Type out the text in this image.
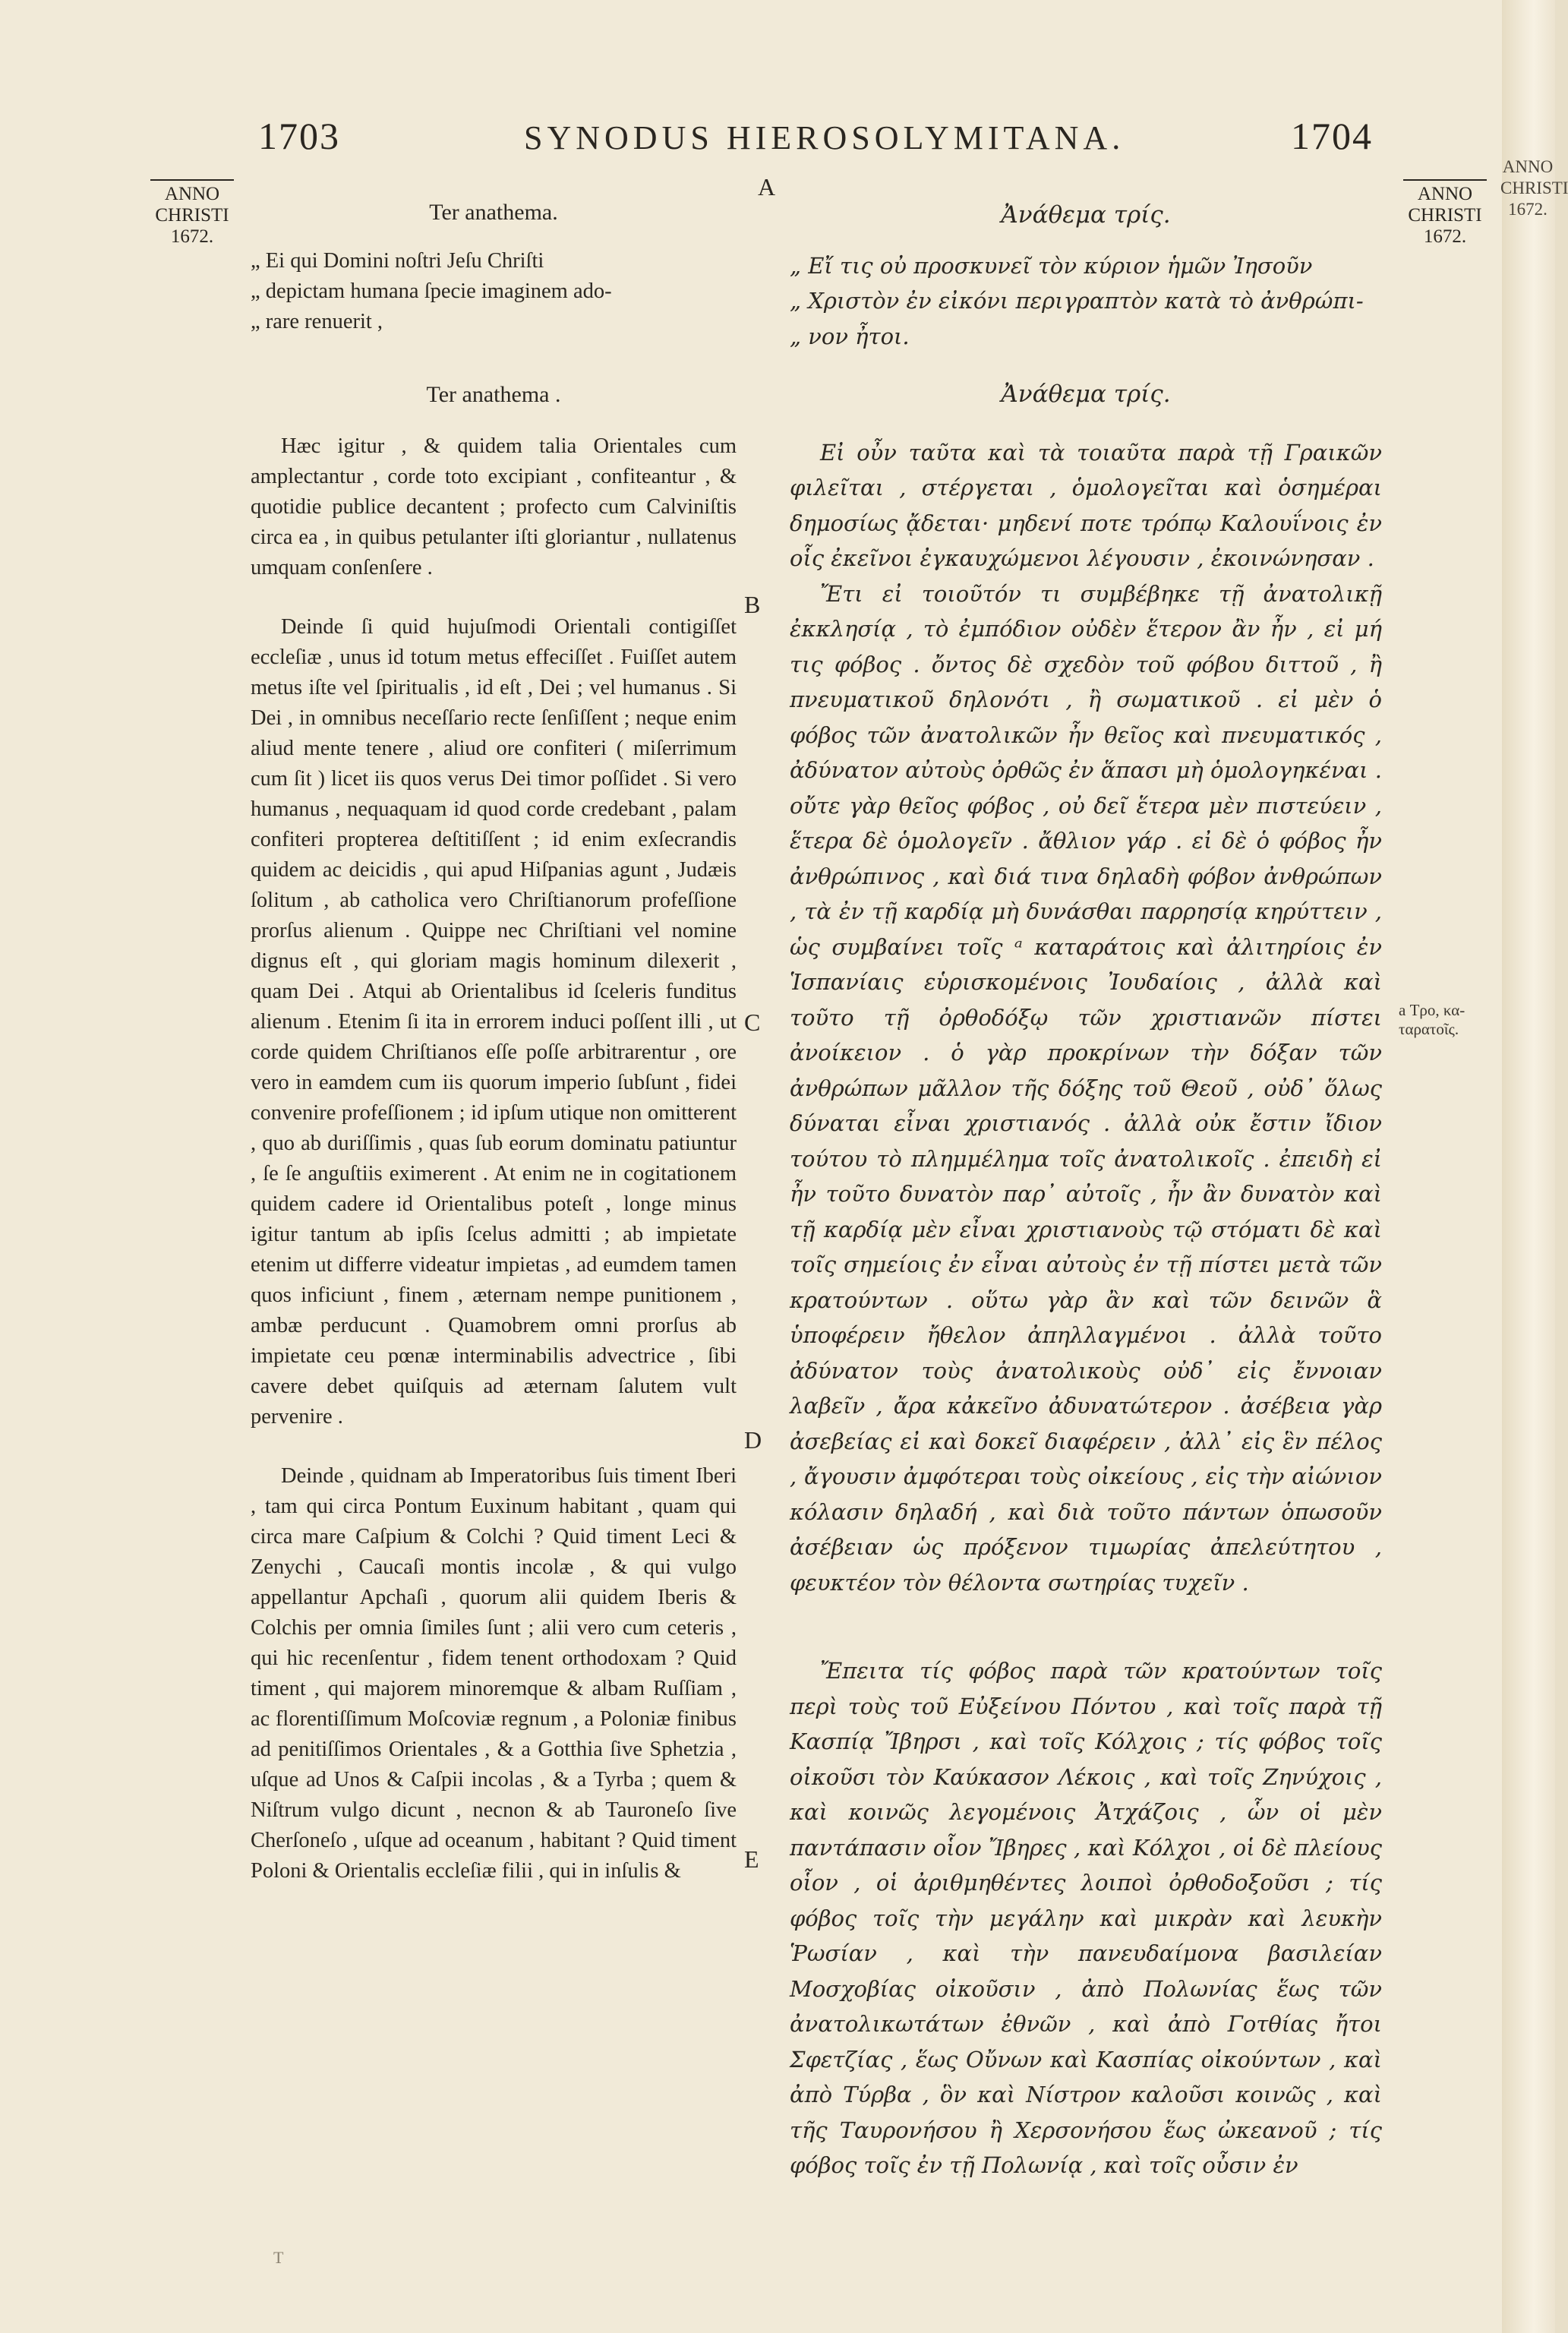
1703	SYNODUS HIEROSOLYMITANA.	1704
ANNO
CHRISTI
1672.
ANNO
CHRISTI
1672.
ANNO
CHRISTI
1672.
A
B
C
D
E
a Τρο, κα-ταρατοῖς.

Ter anathema.

„ Ei qui Domini noſtri Jeſu Chriſti

„ depictam humana ſpecie imaginem ado-

„ rare renuerit ,

Ter anathema .

Hæc igitur , & quidem talia Orientales cum amplectantur , corde toto excipiant , confiteantur , & quotidie publice decantent ; profecto cum Calviniſtis circa ea , in quibus petulanter iſti gloriantur , nullatenus umquam conſenſere .

Deinde ſi quid hujuſmodi Orientali contigiſſet eccleſiæ , unus id totum metus effeciſſet . Fuiſſet autem metus iſte vel ſpiritualis , id eſt , Dei ; vel humanus . Si Dei , in omnibus neceſſario recte ſenſiſſent ; neque enim aliud mente tenere , aliud ore confiteri ( miſerrimum cum ſit ) licet iis quos verus Dei timor poſſidet . Si vero humanus , nequaquam id quod corde credebant , palam confiteri propterea deſtitiſſent ; id enim exſecrandis quidem ac deicidis , qui apud Hiſpanias agunt , Judæis ſolitum , ab catholica vero Chriſtianorum profeſſione prorſus alienum . Quippe nec Chriſtiani vel nomine dignus eſt , qui gloriam magis hominum dilexerit , quam Dei . Atqui ab Orientalibus id ſceleris funditus alienum . Etenim ſi ita in errorem induci poſſent illi , ut corde quidem Chriſtianos eſſe poſſe arbitrarentur , ore vero in eamdem cum iis quorum imperio ſubſunt , fidei convenire profeſſionem ; id ipſum utique non omitterent , quo ab duriſſimis , quas ſub eorum dominatu patiuntur , ſe ſe anguſtiis eximerent . At enim ne in cogitationem quidem cadere id Orientalibus poteſt , longe minus igitur tantum ab ipſis ſcelus admitti ; ab impietate etenim ut differre videatur impietas , ad eumdem tamen quos inficiunt , finem , æternam nempe punitionem , ambæ perducunt . Quamobrem omni prorſus ab impietate ceu pœnæ interminabilis advectrice , ſibi cavere debet quiſquis ad æternam ſalutem vult pervenire .

Deinde , quidnam ab Imperatoribus ſuis timent Iberi , tam qui circa Pontum Euxinum habitant , quam qui circa mare Caſpium & Colchi ? Quid timent Leci & Zenychi , Caucaſi montis incolæ , & qui vulgo appellantur Apchaſi , quorum alii quidem Iberis & Colchis per omnia ſimiles ſunt ; alii vero cum ceteris , qui hic recenſentur , fidem tenent orthodoxam ? Quid timent , qui majorem minoremque & albam Ruſſiam , ac florentiſſimum Moſcoviæ regnum , a Poloniæ finibus ad penitiſſimos Orientales , & a Gotthia ſive Sphetzia , uſque ad Unos & Caſpii incolas , & a Tyrba ; quem & Niſtrum vulgo dicunt , necnon & ab Tauroneſo ſive Cherſoneſo , uſque ad oceanum , habitant ? Quid timent Poloni & Orientalis eccleſiæ filii , qui in inſulis &

Ἀνάθεμα τρίς.

„ Εἴ τις οὐ προσκυνεῖ τὸν κύριον ἡμῶν Ἰησοῦν

„ Χριστὸν ἐν εἰκόνι περιγραπτὸν κατὰ τὸ ἀνθρώπι-

„ νον ἦτοι.

Ἀνάθεμα τρίς.

Εἰ οὖν ταῦτα καὶ τὰ τοιαῦτα παρὰ τῇ Γραικῶν φιλεῖται , στέργεται , ὁμολογεῖται καὶ ὁσημέραι δημοσίως ᾄδεται· μηδενί ποτε τρόπῳ Καλουΐνοις ἐν οἷς ἐκεῖνοι ἐγκαυχώμενοι λέγουσιν , ἐκοινώνησαν .

Ἔτι εἰ τοιοῦτόν τι συμβέβηκε τῇ ἀνατολικῇ ἐκκλησίᾳ , τὸ ἐμπόδιον οὐδὲν ἕτερον ἂν ἦν , εἰ μή τις φόβος . ὄντος δὲ σχεδὸν τοῦ φόβου διττοῦ , ἢ πνευματικοῦ δηλονότι , ἢ σωματικοῦ . εἰ μὲν ὁ φόβος τῶν ἀνατολικῶν ἦν θεῖος καὶ πνευματικός , ἀδύνατον αὐτοὺς ὀρθῶς ἐν ἅπασι μὴ ὁμολογηκέναι . οὔτε γὰρ θεῖος φόβος , οὐ δεῖ ἕτερα μὲν πιστεύειν , ἕτερα δὲ ὁμολογεῖν . ἄθλιον γάρ . εἰ δὲ ὁ φόβος ἦν ἀνθρώπινος , καὶ διά τινα δηλαδὴ φόβον ἀνθρώπων , τὰ ἐν τῇ καρδίᾳ μὴ δυνάσθαι παρρησίᾳ κηρύττειν , ὡς συμβαίνει τοῖς ᵃ καταράτοις καὶ ἀλιτηρίοις ἐν Ἱσπανίαις εὑρισκομένοις Ἰουδαίοις , ἀλλὰ καὶ τοῦτο τῇ ὀρθοδόξῳ τῶν χριστιανῶν πίστει ἀνοίκειον . ὁ γὰρ προκρίνων τὴν δόξαν τῶν ἀνθρώπων μᾶλλον τῆς δόξης τοῦ Θεοῦ , οὐδ᾽ ὅλως δύναται εἶναι χριστιανός . ἀλλὰ οὐκ ἔστιν ἴδιον τούτου τὸ πλημμέλημα τοῖς ἀνατολικοῖς . ἐπειδὴ εἰ ἦν τοῦτο δυνατὸν παρ᾽ αὐτοῖς , ἦν ἂν δυνατὸν καὶ τῇ καρδίᾳ μὲν εἶναι χριστιανοὺς τῷ στόματι δὲ καὶ τοῖς σημείοις ἐν εἶναι αὐτοὺς ἐν τῇ πίστει μετὰ τῶν κρατούντων . οὕτω γὰρ ἂν καὶ τῶν δεινῶν ἃ ὑποφέρειν ἤθελον ἀπηλλαγμένοι . ἀλλὰ τοῦτο ἀδύνατον τοὺς ἀνατολικοὺς οὐδ᾽ εἰς ἔννοιαν λαβεῖν , ἄρα κἀκεῖνο ἀδυνατώτερον . ἀσέβεια γὰρ ἀσεβείας εἰ καὶ δοκεῖ διαφέρειν , ἀλλ᾽ εἰς ἓν πέλος , ἄγουσιν ἀμφότεραι τοὺς οἰκείους , εἰς τὴν αἰώνιον κόλασιν δηλαδή , καὶ διὰ τοῦτο πάντων ὁπωσοῦν ἀσέβειαν ὡς πρόξενον τιμωρίας ἀπελεύτητου , φευκτέον τὸν θέλοντα σωτηρίας τυχεῖν .

Ἔπειτα τίς φόβος παρὰ τῶν κρατούντων τοῖς περὶ τοὺς τοῦ Εὐξείνου Πόντου , καὶ τοῖς παρὰ τῇ Κασπίᾳ Ἴβηρσι , καὶ τοῖς Κόλχοις ; τίς φόβος τοῖς οἰκοῦσι τὸν Καύκασον Λέκοις , καὶ τοῖς Ζηνύχοις , καὶ κοινῶς λεγομένοις Ἀτχάζοις , ὧν οἱ μὲν παντάπασιν οἷον Ἴβηρες , καὶ Κόλχοι , οἱ δὲ πλείους οἷον , οἱ ἀριθμηθέντες λοιποὶ ὀρθοδοξοῦσι ; τίς φόβος τοῖς τὴν μεγάλην καὶ μικρὰν καὶ λευκὴν Ῥωσίαν , καὶ τὴν πανευδαίμονα βασιλείαν Μοσχοβίας οἰκοῦσιν , ἀπὸ Πολωνίας ἕως τῶν ἀνατολικωτάτων ἐθνῶν , καὶ ἀπὸ Γοτθίας ἤτοι Σφετζίας , ἕως Οὔνων καὶ Κασπίας οἰκούντων , καὶ ἀπὸ Τύρβα , ὃν καὶ Νίστρον καλοῦσι κοινῶς , καὶ τῆς Ταυρονήσου ἢ Χερσονήσου ἕως ὠκεανοῦ ; τίς φόβος τοῖς ἐν τῇ Πολωνίᾳ , καὶ τοῖς οὖσιν ἐν

T
